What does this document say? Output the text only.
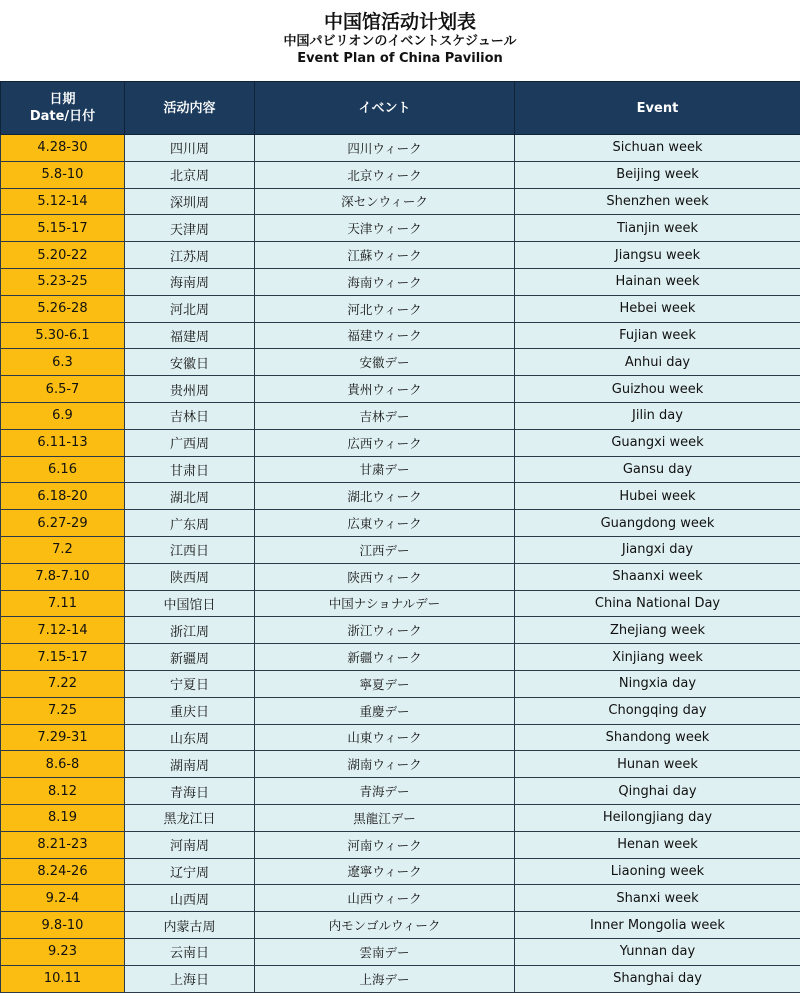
中国馆活动计划表
中国パビリオンのイベントスケジュール
Event Plan of China Pavilion
日期
Date/日付	活动内容	イベント	Event
4.28-30	四川周	四川ウィーク	Sichuan week
5.8-10	北京周	北京ウィーク	Beijing week
5.12-14	深圳周	深センウィーク	Shenzhen week
5.15-17	天津周	天津ウィーク	Tianjin week
5.20-22	江苏周	江蘇ウィーク	Jiangsu week
5.23-25	海南周	海南ウィーク	Hainan week
5.26-28	河北周	河北ウィーク	Hebei week
5.30-6.1	福建周	福建ウィーク	Fujian week
6.3	安徽日	安徽デー	Anhui day
6.5-7	贵州周	貴州ウィーク	Guizhou week
6.9	吉林日	吉林デー	Jilin day
6.11-13	广西周	広西ウィーク	Guangxi week
6.16	甘肃日	甘粛デー	Gansu day
6.18-20	湖北周	湖北ウィーク	Hubei week
6.27-29	广东周	広東ウィーク	Guangdong week
7.2	江西日	江西デー	Jiangxi day
7.8-7.10	陕西周	陝西ウィーク	Shaanxi week
7.11	中国馆日	中国ナショナルデー	China National Day
7.12-14	浙江周	浙江ウィーク	Zhejiang week
7.15-17	新疆周	新疆ウィーク	Xinjiang week
7.22	宁夏日	寧夏デー	Ningxia day
7.25	重庆日	重慶デー	Chongqing day
7.29-31	山东周	山東ウィーク	Shandong week
8.6-8	湖南周	湖南ウィーク	Hunan week
8.12	青海日	青海デー	Qinghai day
8.19	黑龙江日	黒龍江デー	Heilongjiang day
8.21-23	河南周	河南ウィーク	Henan week
8.24-26	辽宁周	遼寧ウィーク	Liaoning week
9.2-4	山西周	山西ウィーク	Shanxi week
9.8-10	内蒙古周	内モンゴルウィーク	Inner Mongolia week
9.23	云南日	雲南デー	Yunnan day
10.11	上海日	上海デー	Shanghai day
